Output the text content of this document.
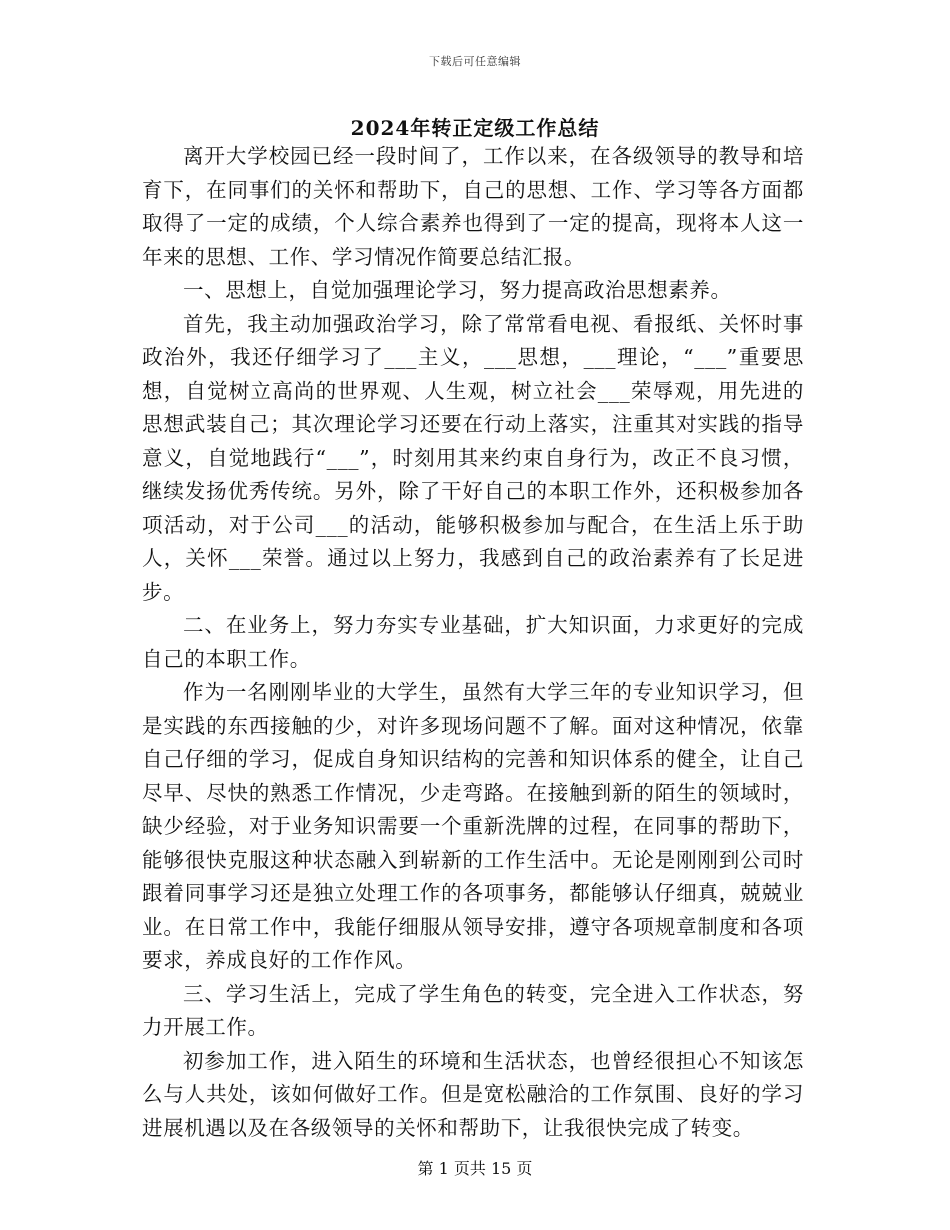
下载后可任意编辑
2024年转正定级工作总结

离开大学校园已经一段时间了，工作以来，在各级领导的教导和培育下，在同事们的关怀和帮助下，自己的思想、工作、学习等各方面都取得了一定的成绩，个人综合素养也得到了一定的提高，现将本人这一年来的思想、工作、学习情况作简要总结汇报。

一、思想上，自觉加强理论学习，努力提高政治思想素养。

首先，我主动加强政治学习，除了常常看电视、看报纸、关怀时事政治外，我还仔细学习了___主义，___思想，___理论，“___”重要思想，自觉树立高尚的世界观、人生观，树立社会___荣辱观，用先进的思想武装自己；其次理论学习还要在行动上落实，注重其对实践的指导意义，自觉地践行“___”，时刻用其来约束自身行为，改正不良习惯，继续发扬优秀传统。另外，除了干好自己的本职工作外，还积极参加各项活动，对于公司___的活动，能够积极参加与配合，在生活上乐于助人，关怀___荣誉。通过以上努力，我感到自己的政治素养有了长足进步。

二、在业务上，努力夯实专业基础，扩大知识面，力求更好的完成自己的本职工作。

作为一名刚刚毕业的大学生，虽然有大学三年的专业知识学习，但是实践的东西接触的少，对许多现场问题不了解。面对这种情况，依靠自己仔细的学习，促成自身知识结构的完善和知识体系的健全，让自己尽早、尽快的熟悉工作情况，少走弯路。在接触到新的陌生的领域时，缺少经验，对于业务知识需要一个重新洗牌的过程，在同事的帮助下，能够很快克服这种状态融入到崭新的工作生活中。无论是刚刚到公司时跟着同事学习还是独立处理工作的各项事务，都能够认仔细真，兢兢业业。在日常工作中，我能仔细服从领导安排，遵守各项规章制度和各项要求，养成良好的工作作风。

三、学习生活上，完成了学生角色的转变，完全进入工作状态，努力开展工作。

初参加工作，进入陌生的环境和生活状态，也曾经很担心不知该怎么与人共处，该如何做好工作。但是宽松融洽的工作氛围、良好的学习进展机遇以及在各级领导的关怀和帮助下，让我很快完成了转变。

第 1 页共 15 页
